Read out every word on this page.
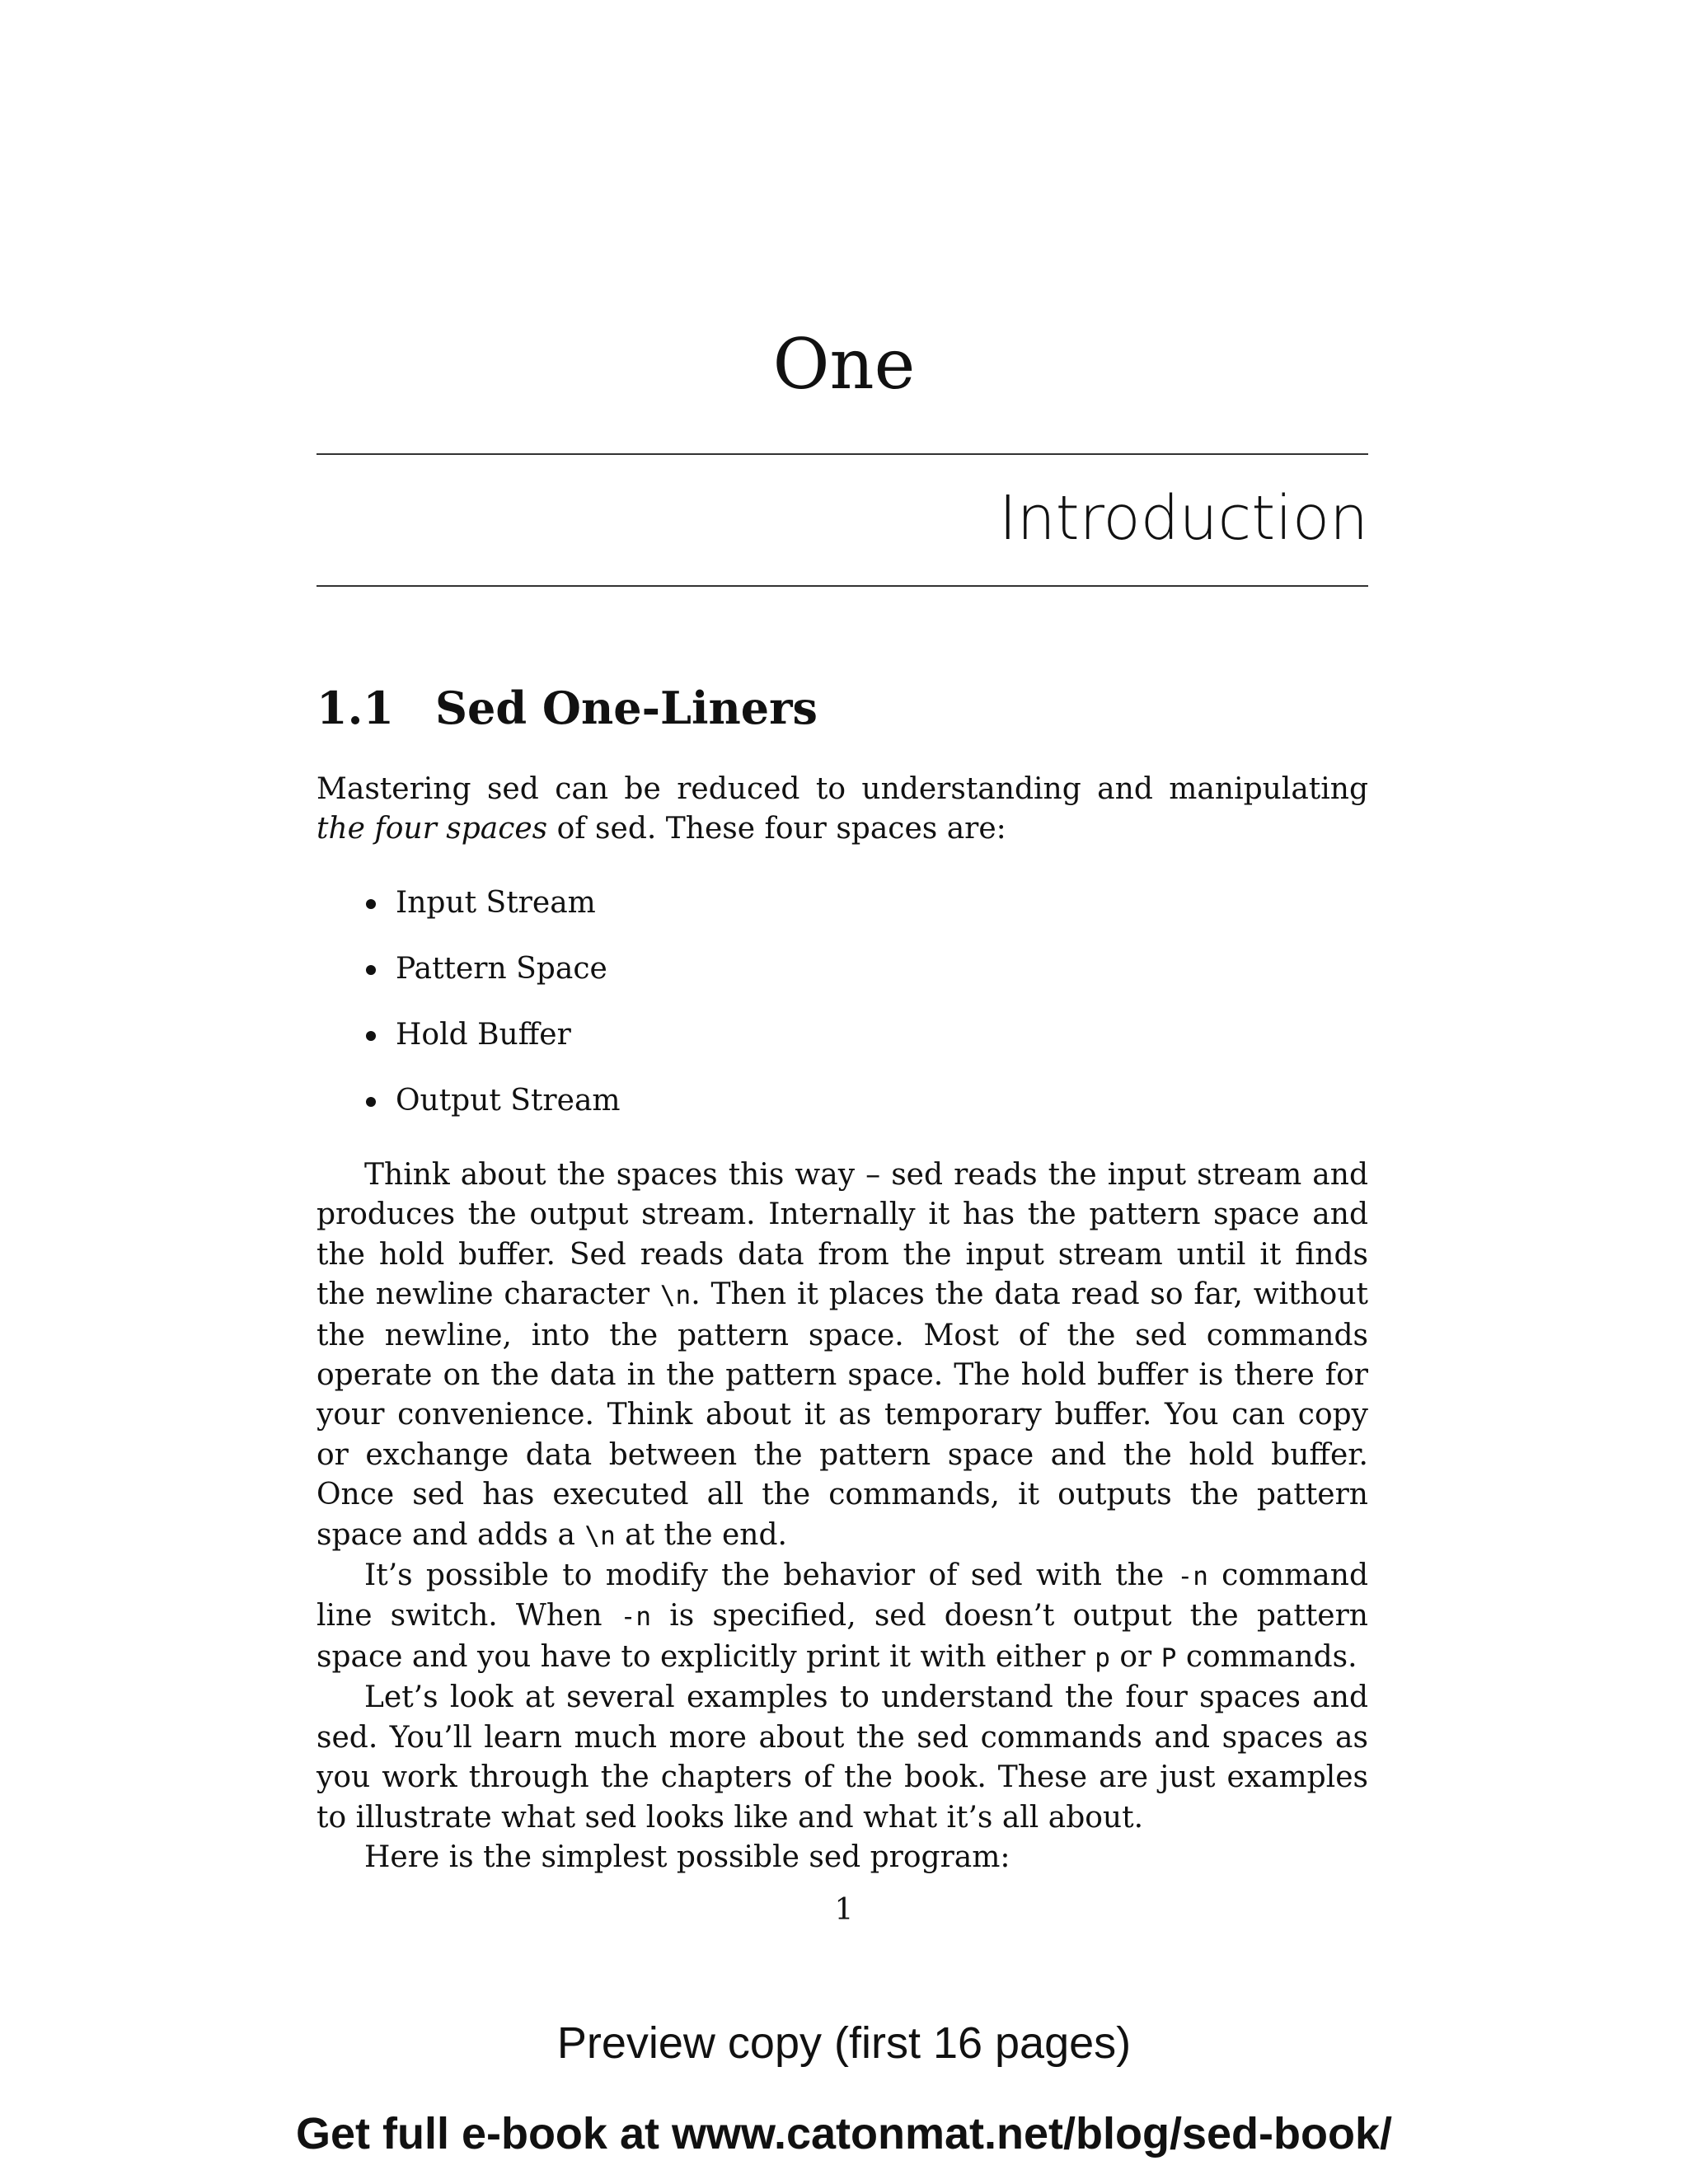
One
Introduction
1.1 Sed One-Liners
Mastering sed can be reduced to understanding and manipulating the four spaces of sed. These four spaces are:
Input Stream
Pattern Space
Hold Buffer
Output Stream

Think about the spaces this way – sed reads the input stream and produces the output stream. Internally it has the pattern space and the hold buffer. Sed reads data from the input stream until it finds the newline character \n. Then it places the data read so far, without the newline, into the pattern space. Most of the sed commands operate on the data in the pattern space. The hold buffer is there for your convenience. Think about it as temporary buffer. You can copy or exchange data between the pattern space and the hold buffer. Once sed has executed all the commands, it outputs the pattern space and adds a \n at the end.

It’s possible to modify the behavior of sed with the -n command line switch. When -n is specified, sed doesn’t output the pattern space and you have to explicitly print it with either p or P commands.

Let’s look at several examples to understand the four spaces and sed. You’ll learn much more about the sed commands and spaces as you work through the chapters of the book. These are just examples to illustrate what sed looks like and what it’s all about.

Here is the simplest possible sed program:

1
Preview copy (first 16 pages)
Get full e-book at www.catonmat.net/blog/sed-book/
